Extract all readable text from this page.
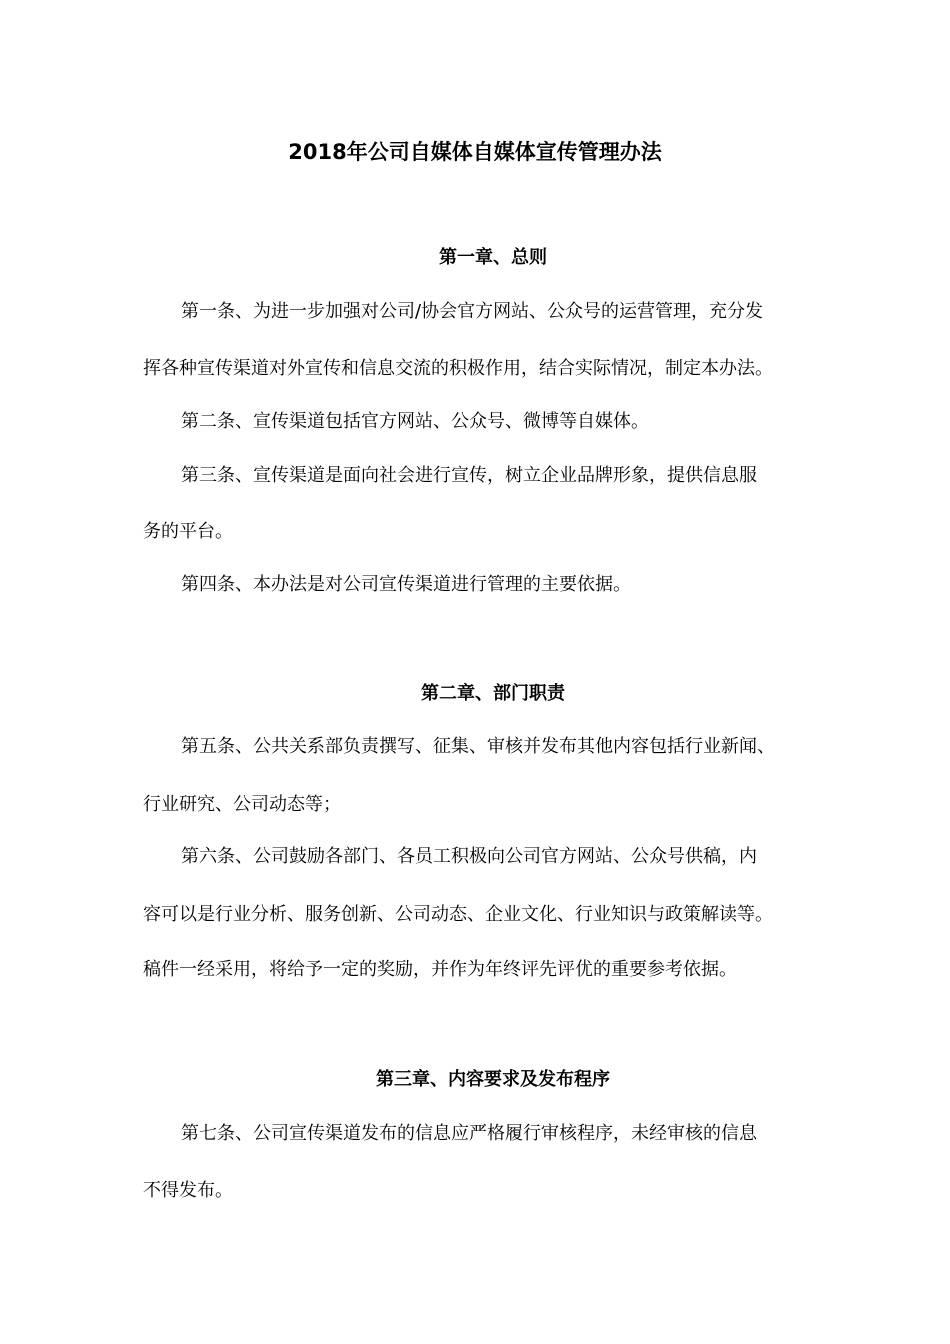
2018年公司自媒体自媒体宣传管理办法
第一章、总则
第一条、为进一步加强对公司/协会官方网站、公众号的运营管理，充分发
挥各种宣传渠道对外宣传和信息交流的积极作用，结合实际情况，制定本办法。
第二条、宣传渠道包括官方网站、公众号、微博等自媒体。
第三条、宣传渠道是面向社会进行宣传，树立企业品牌形象，提供信息服
务的平台。
第四条、本办法是对公司宣传渠道进行管理的主要依据。
第二章、部门职责
第五条、公共关系部负责撰写、征集、审核并发布其他内容包括行业新闻、
行业研究、公司动态等；
第六条、公司鼓励各部门、各员工积极向公司官方网站、公众号供稿，内
容可以是行业分析、服务创新、公司动态、企业文化、行业知识与政策解读等。
稿件一经采用，将给予一定的奖励，并作为年终评先评优的重要参考依据。
第三章、内容要求及发布程序
第七条、公司宣传渠道发布的信息应严格履行审核程序，未经审核的信息
不得发布。
